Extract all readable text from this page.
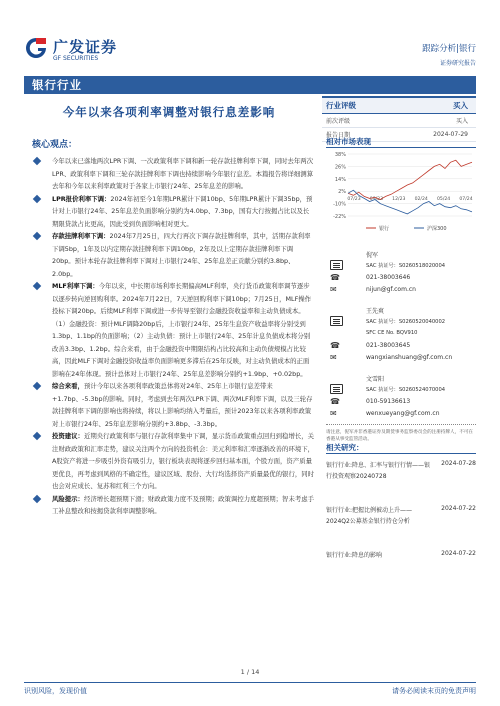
广发证券
GF SECURITIES
跟踪分析|银行
证券研究报告
银行行业
今年以来各项利率调整对银行息差影响	行业评级	买入
前次评级	买入
报告日期	2024-07-29
核心观点：
今年以来已落地两次LPR下调、一次政策利率下调和新一轮存款挂牌利率下调，同时去年两次LPR、政策利率下调和三轮存款挂牌利率下调也持续影响今年银行息差。本篇报告将详细测算去年和今年以来利率政策对于各家上市银行24年、25年息差的影响。
LPR报价利率下调：2024年初至今1年期LPR累计下调10bp、5年期LPR累计下调35bp，预计对上市银行24年、25年息差负面影响分别约为4.0bp、7.3bp，国有大行按揭占比以及长期限贷款占比更高，因此受到负面影响相对更大。
存款挂牌利率下调：2024年7月25日，四大行再次下调存款挂牌利率，其中，活期存款利率下调5bp，1年及以内定期存款挂牌利率下调10bp，2年及以上定期存款挂牌利率下调20bp。预计本轮存款挂牌利率下调对上市银行24年、25年息差正贡献分别约3.8bp、2.0bp。
MLF利率下调：今年以来，中长期市场利率长期偏高MLF利率，央行货币政策利率调节逐步以逐步转向逆回购利率。2024年7月22日，7天逆回购利率下调10bp；7月25日，MLF操作投标下调20bp。后续MLF利率下调或进一步传导至银行金融投资收益率和主动负债成本。（1）金融投资：预计MLF调降20bp后，上市银行24年、25年生息资产收益率将分别受到1.3bp、1.1bp的负面影响；（2）主动负债：预计上市银行24年、25年计息负债成本将分别改善3.3bp、1.2bp。综合来看，由于金融投资中期限结构占比较高和主动负债规模占比较高，因此MLF下调对金融投资收益率负面影响更多滞后在25年反映，对主动负债成本的正面影响在24年体现。预计总体对上市银行24年、25年息差影响分别约+1.9bp、+0.02bp。
综合来看，预计今年以来各项利率政策总体将对24年、25年上市银行息差带来+1.7bp、-5.3bp的影响。同时，考虑到去年两次LPR下调、两次MLF利率下调，以及三轮存款挂牌利率下调的影响也将持续，将以上影响均纳入考量后，预计2023年以来各项利率政策对上市银行24年、25年息差影响分别约+3.8bp、-3.3bp。
投资建议：近期央行政策利率与银行存款利率集中下调，显示货币政策重点回归到稳增长，关注财政政策和汇率走势，建议关注两个方向的投资机会：美元利率和汇率逐渐改善的环境下，A股资产将进一步吸引外资有吸引力，银行板块表现将逐步回归基本面，个股方面，资产质量更优良，再考虑到风格的不确定性，建议区域、股份、大行均选择资产质量最优的银行，同时也会对应成长、复苏和红利三个方向。
风险提示：经济增长超预期下滑；财政政策力度不及预期；政策调控力度超预期；智未考虑手工补息整改和按揭贷款利率调整影响。
相对市场表现
38%
26%
14%
2%
-10%
-22%
07/23 09/23 12/23 02/24 05/24 07/24
银行	沪深300
倪军
SAC 执证号：S0260518020004
☎	021-38003646
✉	nijun@gf.com.cn
王先爽
SAC 执证号：S0260520040002
SFC CE No. BQV910
☎	021-38003645
✉	wangxianshuang@gf.com.cn
文雪阳
SAC 执证号：S0260524070004
☎	010-59136613
✉	wenxueyang@gf.com.cn
请注意，倪军并非香港证券及期货事务监察委员会的注册持牌人，不可在香港从事受监管活动。
相关研究：
银行行业:降息、汇率与银行行情——银行投资观察20240728
2024-07-28
银行行业:把握比例被动上升——2024Q2公募基金银行持仓分析
2024-07-22
银行行业:降息的影响	2024-07-22
1 / 14
识别风险，发现价值	请务必阅读末页的免责声明
